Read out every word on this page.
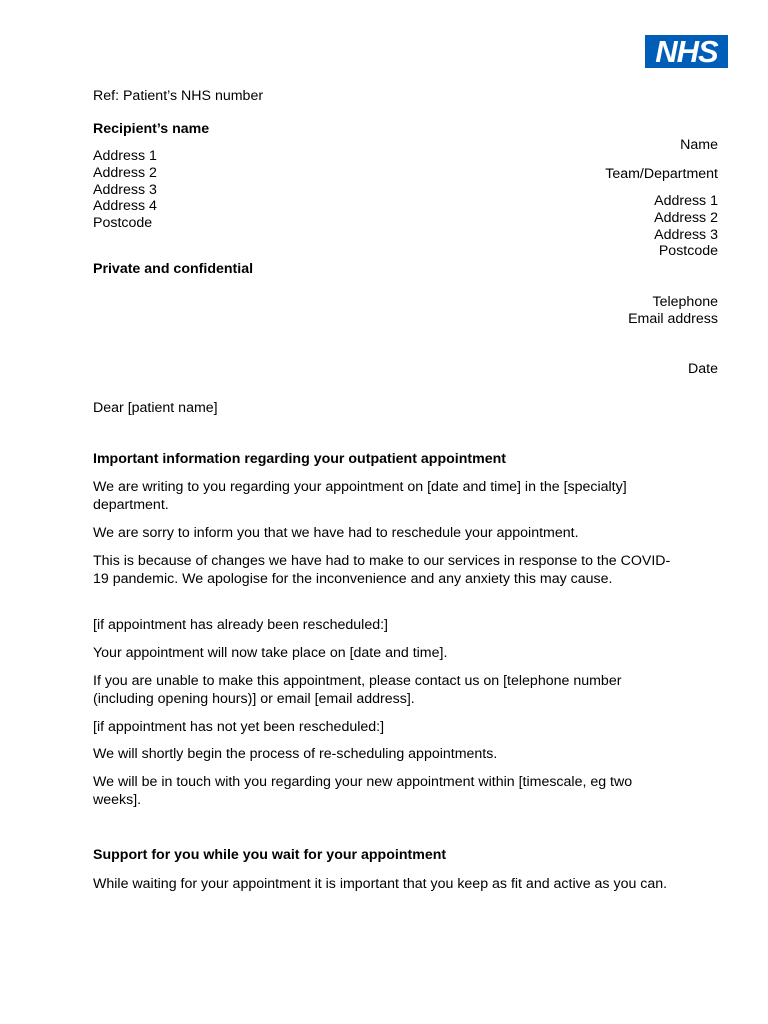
NHS
Ref: Patient’s NHS number
Recipient’s name
Address 1
Address 2
Address 3
Address 4
Postcode
Private and confidential
Name
Team/Department
Address 1
Address 2
Address 3
Postcode
Telephone
Email address
Date
Dear [patient name]
Important information regarding your outpatient appointment
We are writing to you regarding your appointment on [date and time] in the [specialty] department.
We are sorry to inform you that we have had to reschedule your appointment.
This is because of changes we have had to make to our services in response to the COVID-19 pandemic. We apologise for the inconvenience and any anxiety this may cause.
[if appointment has already been rescheduled:]
Your appointment will now take place on [date and time].
If you are unable to make this appointment, please contact us on [telephone number (including opening hours)] or email [email address].
[if appointment has not yet been rescheduled:]
We will shortly begin the process of re-scheduling appointments.
We will be in touch with you regarding your new appointment within [timescale, eg two weeks].
Support for you while you wait for your appointment
While waiting for your appointment it is important that you keep as fit and active as you can.
